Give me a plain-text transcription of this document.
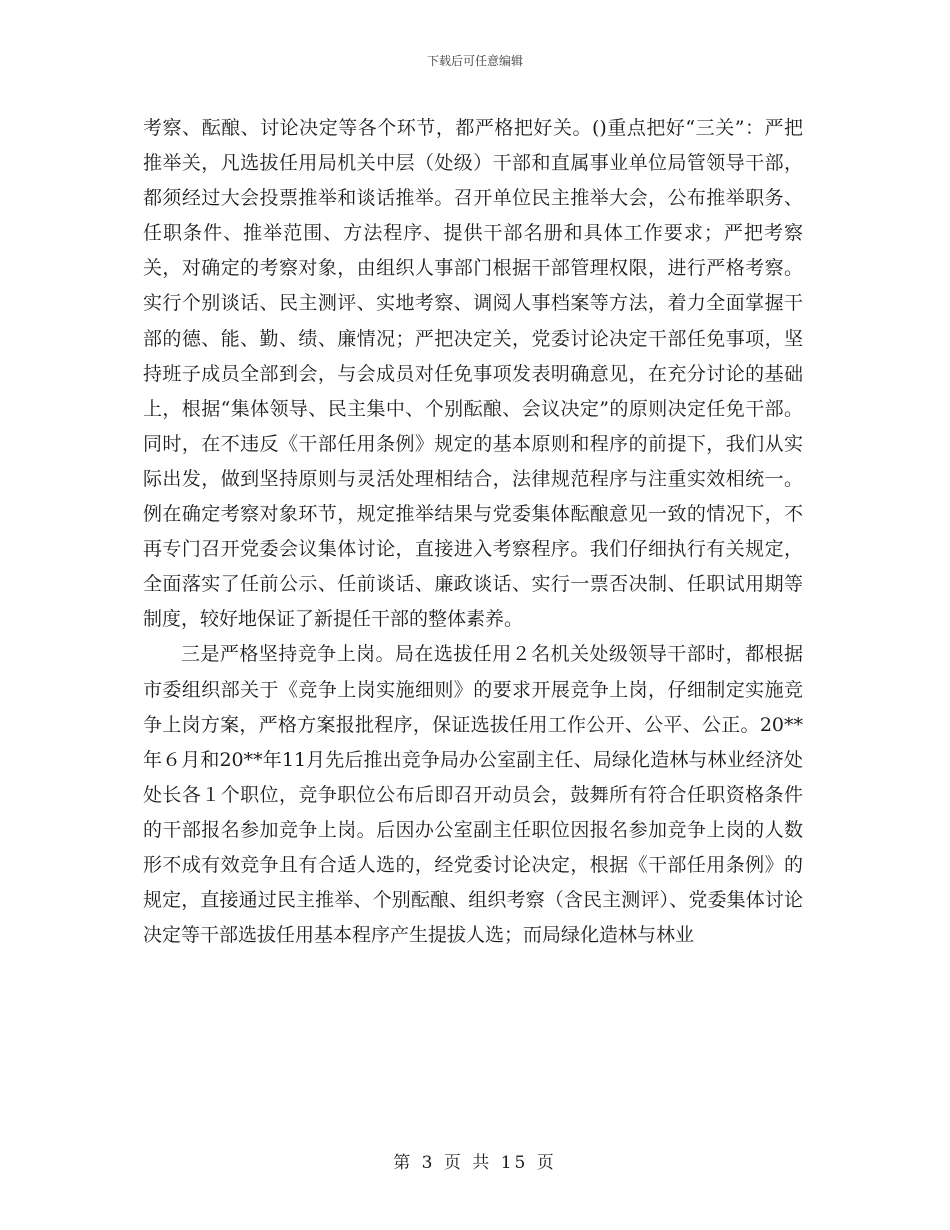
下载后可任意编辑

考察、酝酿、讨论决定等各个环节，都严格把好关。()重点把好“三关”：严把推举关，凡选拔任用局机关中层（处级）干部和直属事业单位局管领导干部，都须经过大会投票推举和谈话推举。召开单位民主推举大会，公布推举职务、任职条件、推举范围、方法程序、提供干部名册和具体工作要求；严把考察关，对确定的考察对象，由组织人事部门根据干部管理权限，进行严格考察。实行个别谈话、民主测评、实地考察、调阅人事档案等方法，着力全面掌握干部的德、能、勤、绩、廉情况；严把决定关，党委讨论决定干部任免事项，坚持班子成员全部到会，与会成员对任免事项发表明确意见，在充分讨论的基础上，根据“集体领导、民主集中、个别酝酿、会议决定”的原则决定任免干部。同时，在不违反《干部任用条例》规定的基本原则和程序的前提下，我们从实际出发，做到坚持原则与灵活处理相结合，法律规范程序与注重实效相统一。例在确定考察对象环节，规定推举结果与党委集体酝酿意见一致的情况下，不再专门召开党委会议集体讨论，直接进入考察程序。我们仔细执行有关规定，全面落实了任前公示、任前谈话、廉政谈话、实行一票否决制、任职试用期等制度，较好地保证了新提任干部的整体素养。

三是严格坚持竞争上岗。局在选拔任用２名机关处级领导干部时，都根据市委组织部关于《竞争上岗实施细则》的要求开展竞争上岗，仔细制定实施竞争上岗方案，严格方案报批程序，保证选拔任用工作公开、公平、公正。20**年６月和20**年11月先后推出竞争局办公室副主任、局绿化造林与林业经济处处长各１个职位，竞争职位公布后即召开动员会，鼓舞所有符合任职资格条件的干部报名参加竞争上岗。后因办公室副主任职位因报名参加竞争上岗的人数形不成有效竞争且有合适人选的，经党委讨论决定，根据《干部任用条例》的规定，直接通过民主推举、个别酝酿、组织考察（含民主测评）、党委集体讨论决定等干部选拔任用基本程序产生提拔人选；而局绿化造林与林业

第 3 页 共 15 页
